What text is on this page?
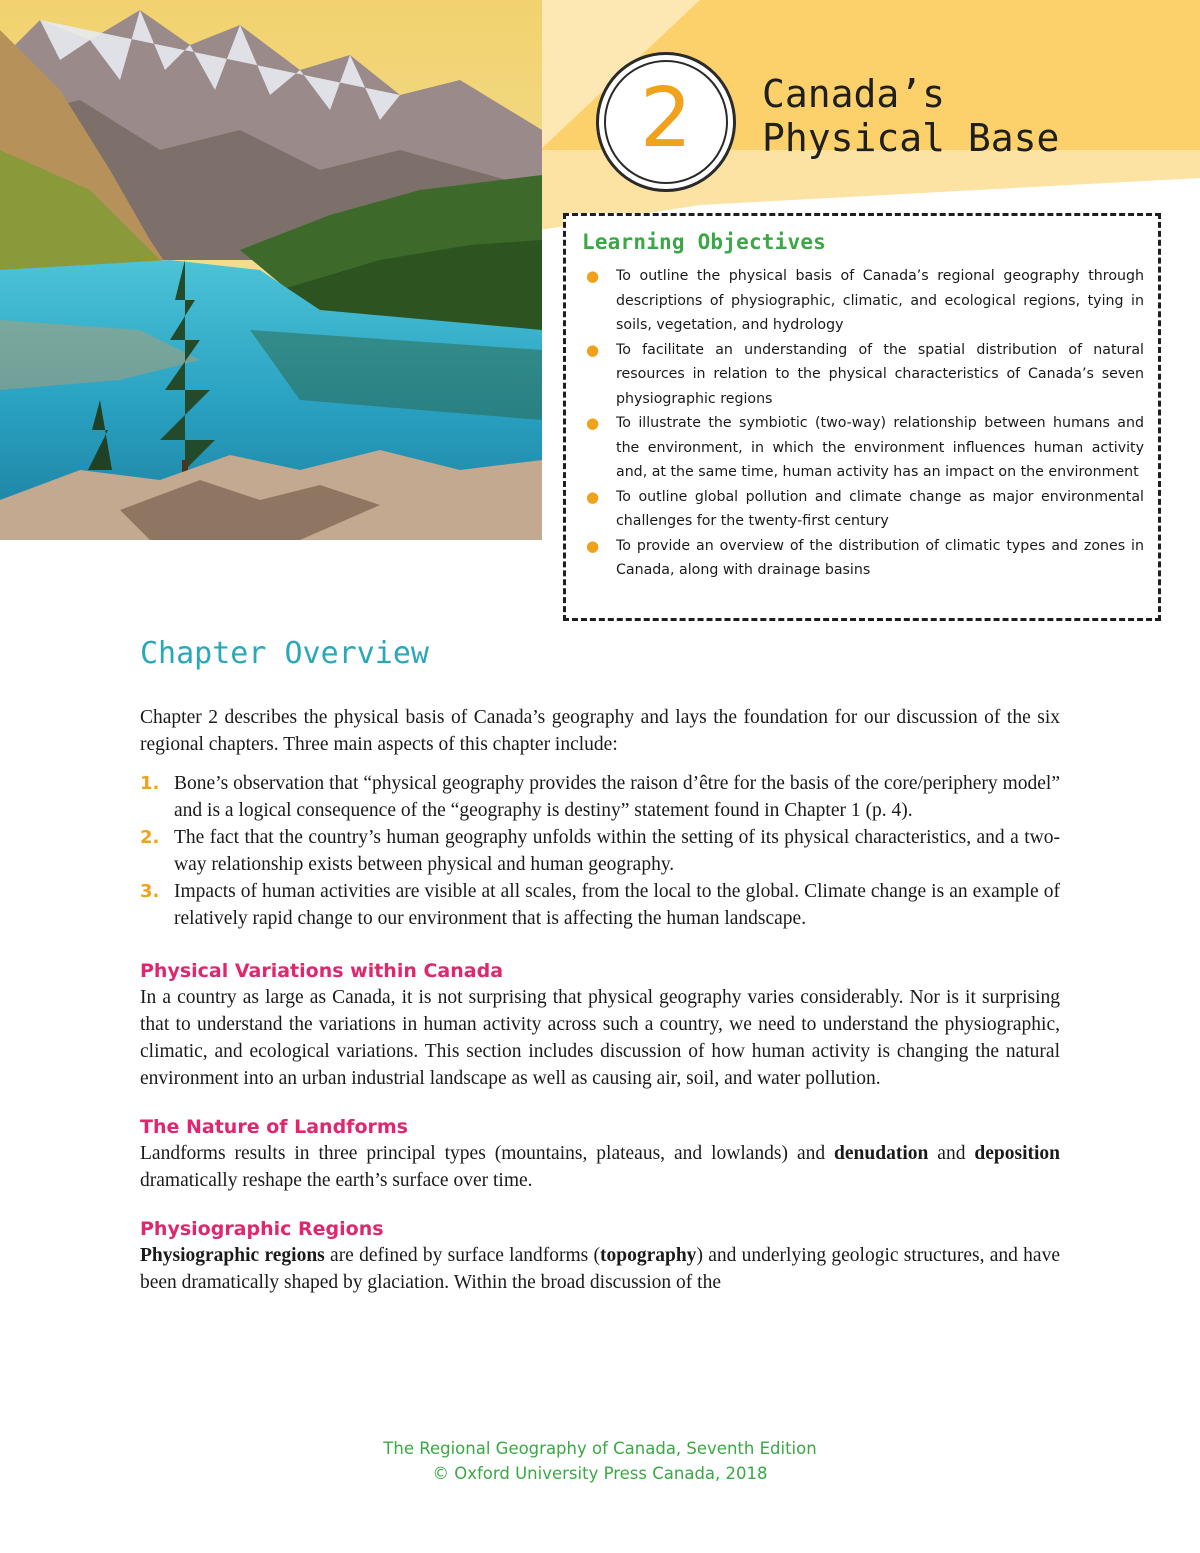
2	Canada’s
Physical Base
Learning Objectives
● To outline the physical basis of Canada’s regional geography through descriptions of physiographic, climatic, and ecological regions, tying in soils, vegetation, and hydrology
● To facilitate an understanding of the spatial distribution of natural resources in relation to the physical characteristics of Canada’s seven physiographic regions
● To illustrate the symbiotic (two-way) relationship between humans and the environment, in which the environment influences human activity and, at the same time, human activity has an impact on the environment
● To outline global pollution and climate change as major environmental challenges for the twenty-first century
● To provide an overview of the distribution of climatic types and zones in Canada, along with drainage basins
Chapter Overview

Chapter 2 describes the physical basis of Canada’s geography and lays the foundation for our discussion of the six regional chapters. Three main aspects of this chapter include:

1. Bone’s observation that “physical geography provides the raison d’être for the basis of the core/periphery model” and is a logical consequence of the “geography is destiny” statement found in Chapter 1 (p. 4).
2. The fact that the country’s human geography unfolds within the setting of its physical characteristics, and a two-way relationship exists between physical and human geography.
3. Impacts of human activities are visible at all scales, from the local to the global. Climate change is an example of relatively rapid change to our environment that is affecting the human landscape.
Physical Variations within Canada

In a country as large as Canada, it is not surprising that physical geography varies considerably. Nor is it surprising that to understand the variations in human activity across such a country, we need to understand the physiographic, climatic, and ecological variations. This section includes discussion of how human activity is changing the natural environment into an urban industrial landscape as well as causing air, soil, and water pollution.

The Nature of Landforms

Landforms results in three principal types (mountains, plateaus, and lowlands) and denudation and deposition dramatically reshape the earth’s surface over time.

Physiographic Regions

Physiographic regions are defined by surface landforms (topography) and underlying geologic structures, and have been dramatically shaped by glaciation. Within the broad discussion of the

The Regional Geography of Canada, Seventh Edition
© Oxford University Press Canada, 2018
